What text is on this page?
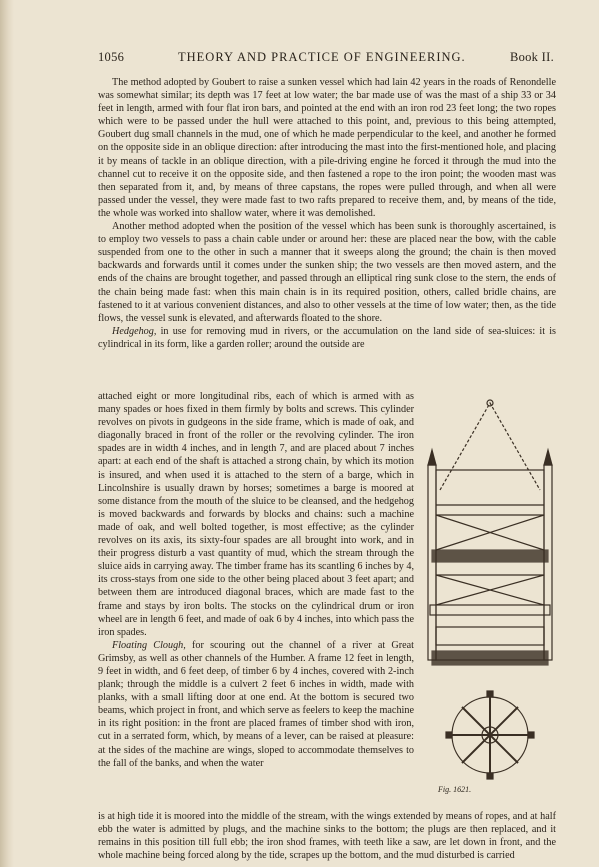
1056	THEORY AND PRACTICE OF ENGINEERING.	Book II.

The method adopted by Goubert to raise a sunken vessel which had lain 42 years in the roads of Renondelle was somewhat similar; its depth was 17 feet at low water; the bar made use of was the mast of a ship 33 or 34 feet in length, armed with four flat iron bars, and pointed at the end with an iron rod 23 feet long; the two ropes which were to be passed under the hull were attached to this point, and, previous to this being attempted, Goubert dug small channels in the mud, one of which he made perpendicular to the keel, and another he formed on the opposite side in an oblique direction: after introducing the mast into the first-mentioned hole, and placing it by means of tackle in an oblique direction, with a pile-driving engine he forced it through the mud into the channel cut to receive it on the opposite side, and then fastened a rope to the iron point; the wooden mast was then separated from it, and, by means of three capstans, the ropes were pulled through, and when all were passed under the vessel, they were made fast to two rafts prepared to receive them, and, by means of the tide, the whole was worked into shallow water, where it was demolished.

Another method adopted when the position of the vessel which has been sunk is thoroughly ascertained, is to employ two vessels to pass a chain cable under or around her: these are placed near the bow, with the cable suspended from one to the other in such a manner that it sweeps along the ground; the chain is then moved backwards and forwards until it comes under the sunken ship; the two vessels are then moved astern, and the ends of the chains are brought together, and passed through an elliptical ring sunk close to the stern, the ends of the chain being made fast: when this main chain is in its required position, others, called bridle chains, are fastened to it at various convenient distances, and also to other vessels at the time of low water; then, as the tide flows, the vessel sunk is elevated, and afterwards floated to the shore.

Hedgehog, in use for removing mud in rivers, or the accumulation on the land side of sea-sluices: it is cylindrical in its form, like a garden roller; around the outside are

attached eight or more longitudinal ribs, each of which is armed with as many spades or hoes fixed in them firmly by bolts and screws. This cylinder revolves on pivots in gudgeons in the side frame, which is made of oak, and diagonally braced in front of the roller or the revolving cylinder. The iron spades are in width 4 inches, and in length 7, and are placed about 7 inches apart: at each end of the shaft is attached a strong chain, by which its motion is insured, and when used it is attached to the stern of a barge, which in Lincolnshire is usually drawn by horses; sometimes a barge is moored at some distance from the mouth of the sluice to be cleansed, and the hedgehog is moved backwards and forwards by blocks and chains: such a machine made of oak, and well bolted together, is most effective; as the cylinder revolves on its axis, its sixty-four spades are all brought into work, and in their progress disturb a vast quantity of mud, which the stream through the sluice aids in carrying away. The timber frame has its scantling 6 inches by 4, its cross-stays from one side to the other being placed about 3 feet apart; and between them are introduced diagonal braces, which are made fast to the frame and stays by iron bolts. The stocks on the cylindrical drum or iron wheel are in length 6 feet, and made of oak 6 by 4 inches, into which pass the iron spades.

Floating Clough, for scouring out the channel of a river at Great Grimsby, as well as other channels of the Humber. A frame 12 feet in length, 9 feet in width, and 6 feet deep, of timber 6 by 4 inches, covered with 2-inch plank; through the middle is a culvert 2 feet 6 inches in width, made with planks, with a small lifting door at one end. At the bottom is secured two beams, which project in front, and which serve as feelers to keep the machine in its right position: in the front are placed frames of timber shod with iron, cut in a serrated form, which, by means of a lever, can be raised at pleasure: at the sides of the machine are wings, sloped to accommodate themselves to the fall of the banks, and when the water

is at high tide it is moored into the middle of the stream, with the wings extended by means of ropes, and at half ebb the water is admitted by plugs, and the machine sinks to the bottom; the plugs are then replaced, and it remains in this position till full ebb; the iron shod frames, with teeth like a saw, are let down in front, and the whole machine being forced along by the tide, scrapes up the bottom, and the mud disturbed is carried

Fig. 1621.
